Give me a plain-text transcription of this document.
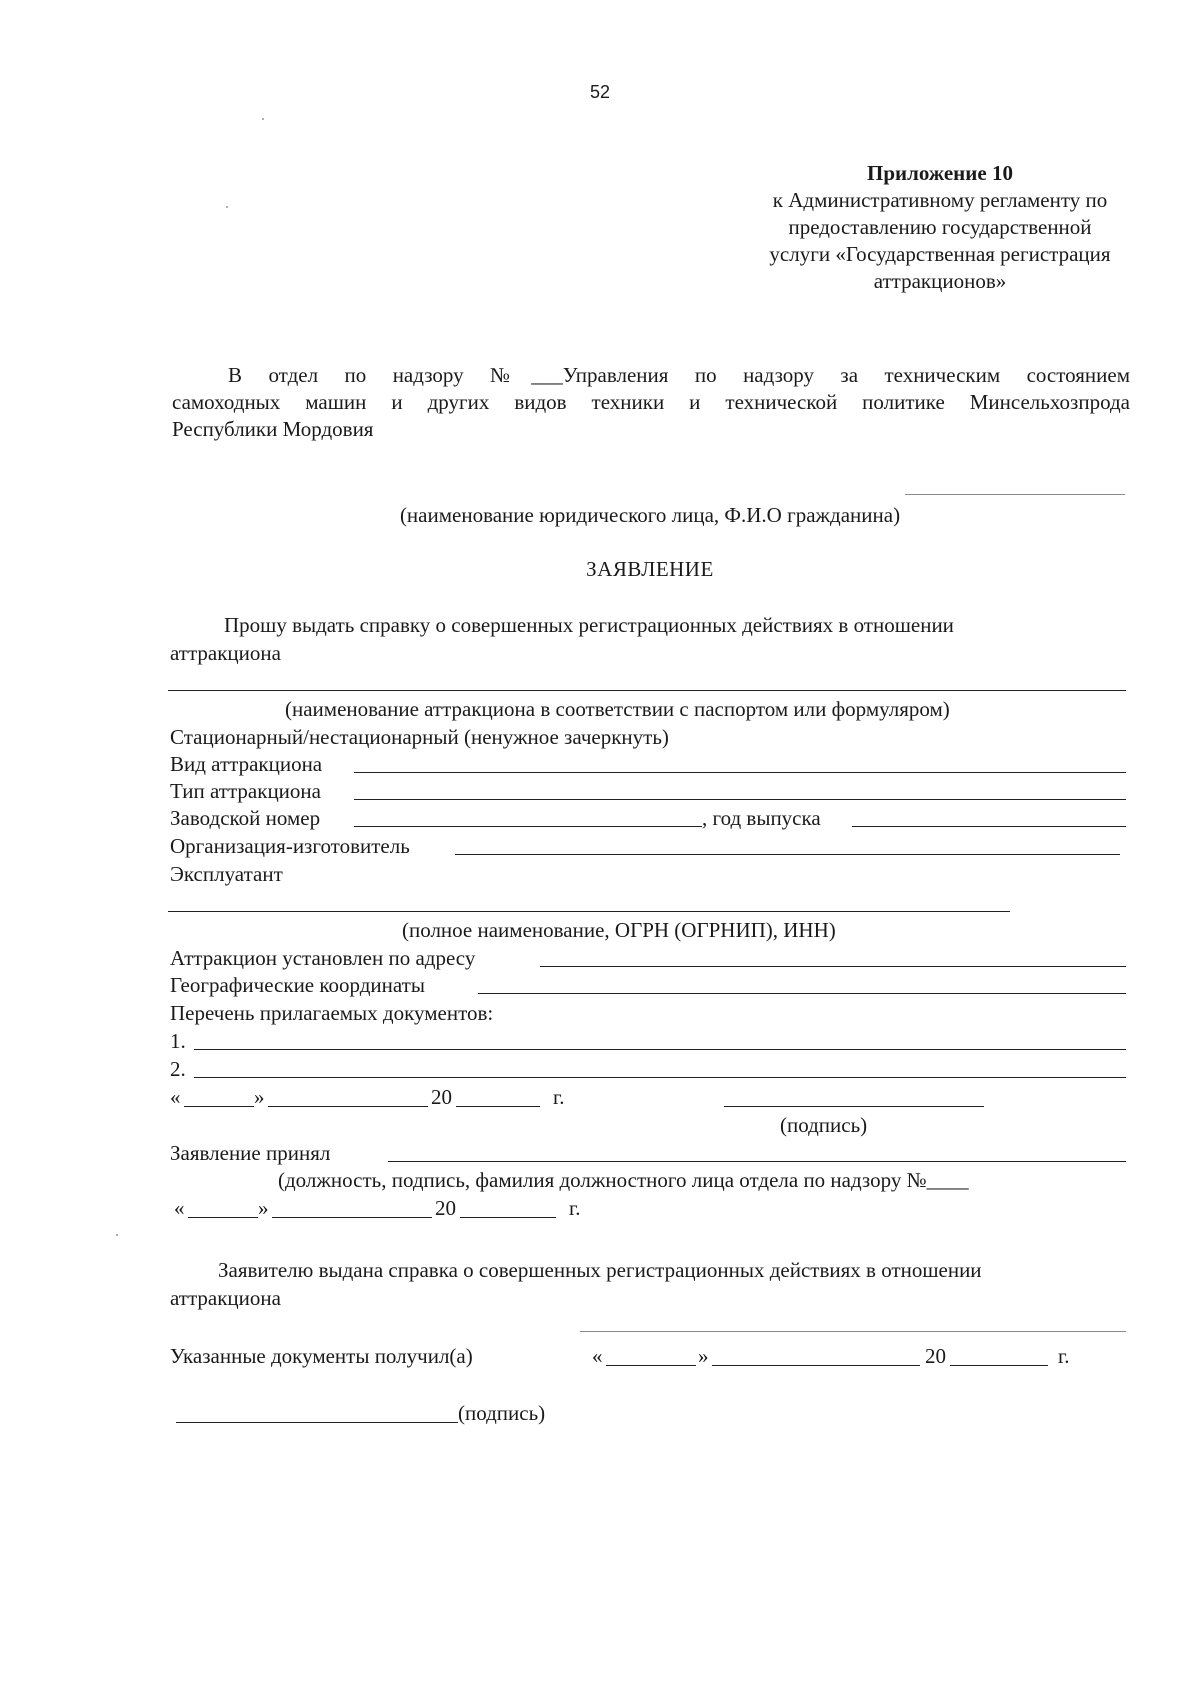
52
Приложение 10
к Административному регламенту по
предоставлению государственной
услуги «Государственная регистрация
аттракционов»
В отдел по надзору №___Управления по надзору за техническим состоянием
самоходных машин и других видов техники и технической политике Минсельхозпрода
Республики Мордовия
(наименование юридического лица, Ф.И.О гражданина)
ЗАЯВЛЕНИЕ
Прошу выдать справку о совершенных регистрационных действиях в отношении
аттракциона
(наименование аттракциона в соответствии с паспортом или формуляром)
Стационарный/нестационарный (ненужное зачеркнуть)
Вид аттракциона
Тип аттракциона
Заводской номер	, год выпуска
Организация-изготовитель
Эксплуатант
(полное наименование, ОГРН (ОГРНИП), ИНН)
Аттракцион установлен по адресу
Географические координаты
Перечень прилагаемых документов:
1.
2.
«	»	20	г.
(подпись)
Заявление принял
(должность, подпись, фамилия должностного лица отдела по надзору №____
«	»	20	г.
Заявителю выдана справка о совершенных регистрационных действиях в отношении
аттракциона
Указанные документы получил(а)	«	»	20	г.
(подпись)
